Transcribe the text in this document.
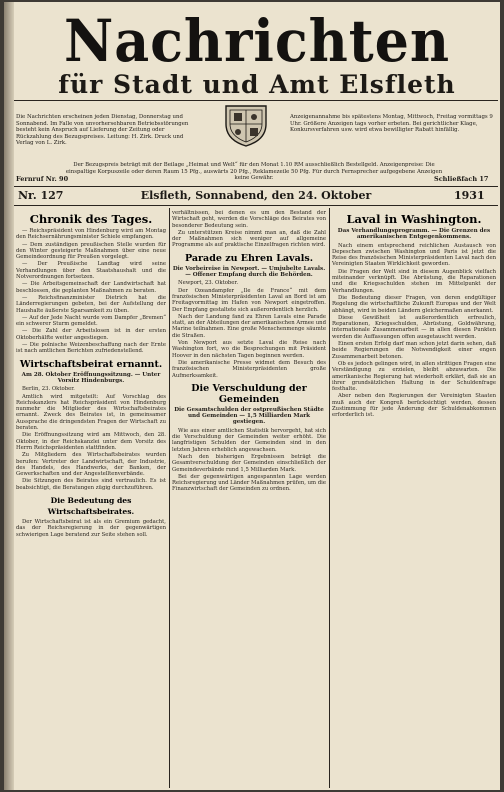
Nachrichten
für Stadt und Amt Elsfleth
Die Nachrichten erscheinen jeden Dienstag, Donnerstag und Sonnabend. Im Falle von unvorhersehbaren Betriebsstörungen besteht kein Anspruch auf Lieferung der Zeitung oder Rückzahlung des Bezugspreises. Leitung: H. Zirk. Druck und Verlag von L. Zirk.
Anzeigenannahme bis spätestens Montag, Mittwoch, Freitag vormittags 9 Uhr. Größere Anzeigen tags vorher erbeten. Bei gerichtlicher Klage, Konkursverfahren usw. wird etwa bewilligter Rabatt hinfällig.
Der Bezugspreis beträgt mit der Beilage „Heimat und Welt“ für den Monat 1.10 RM ausschließlich Bestellgeld. Anzeigenpreise: Die einspaltige Korpuszeile oder deren Raum 15 Pfg., auswärts 20 Pfg., Reklamezeile 50 Pfg. Für durch Fernsprecher aufgegebene Anzeigen keine Gewähr.
Fernruf Nr. 90	Schließfach 17
Nr. 127	Elsfleth, Sonnabend, den 24. Oktober	1931
Chronik des Tages.

— Reichspräsident von Hindenburg wird am Montag den Reichsernährungsminister Schiele empfangen.

— Dem zuständigen preußischen Stelle wurden für den Winter gesteigerte Maßnahmen über eine neue Gemeindeordnung für Preußen vorgelegt.

— Der Preußische Landtag wird seine Verhandlungen über den Staatshaushalt und die Notverordnungen fortsetzen.

— Die Arbeitsgemeinschaft der Landwirtschaft hat beschlossen, die geplanten Maßnahmen zu beraten.

— Reichsfinanzminister Dietrich hat die Länderregierungen gebeten, bei der Aufstellung der Haushalte äußerste Sparsamkeit zu üben.

— Auf der Jede Nacht wurde vom Dampfer „Bremen“ ein schwerer Sturm gemeldet.

— Die Zahl der Arbeitslosen ist in der ersten Oktoberhälfte weiter angestiegen.

— Die polnische Weizenbeschaffung nach der Ernte ist nach amtlichen Berichten zufriedenstellend.

Wirtschaftsbeirat ernannt.

Am 28. Oktober Eröffnungssitzung. — Unter Vorsitz Hindenburgs.

Berlin, 23. Oktober.

Amtlich wird mitgeteilt: Auf Vorschlag des Reichskanzlers hat Reichspräsident von Hindenburg nunmehr die Mitglieder des Wirtschaftsbeirates ernannt. Zweck des Beirates ist, in gemeinsamer Aussprache die dringendsten Fragen der Wirtschaft zu beraten.

Die Eröffnungssitzung wird am Mittwoch, den 28. Oktober, in der Reichskanzlei unter dem Vorsitz des Herrn Reichspräsidenten stattfinden.

Zu Mitgliedern des Wirtschaftsbeirates wurden berufen: Vertreter der Landwirtschaft, der Industrie, des Handels, des Handwerks, der Banken, der Gewerkschaften und der Angestelltenverbände.

Die Sitzungen des Beirates sind vertraulich. Es ist beabsichtigt, die Beratungen zügig durchzuführen.

Die Bedeutung des Wirtschaftsbeirates.

Der Wirtschaftsbeirat ist als ein Gremium gedacht, das der Reichsregierung in der gegenwärtigen schwierigen Lage beratend zur Seite stehen soll.

verhältnissen, bei denen es um den Bestand der Wirtschaft geht, werden die Vorschläge des Beirates von besonderer Bedeutung sein.

Zu unterstützen Kreise nimmt man an, daß die Zahl der Maßnahmen sich weniger auf allgemeine Programme als auf praktische Einzelfragen richten wird.

Parade zu Ehren Lavals.

Die Vorbeireise in Newport. — Umjubelte Lavals. — Offener Empfang durch die Behörden.

Newport, 23. Oktober.

Der Ozeandampfer „Ile de France“ mit dem französischen Ministerpräsidenten Laval an Bord ist am Freitagvormittag im Hafen von Newport eingetroffen. Der Empfang gestaltete sich außerordentlich herzlich.

Nach der Landung fand zu Ehren Lavals eine Parade statt, an der Abteilungen der amerikanischen Armee und Marine teilnahmen. Eine große Menschenmenge säumte die Straßen.

Von Newport aus setzte Laval die Reise nach Washington fort, wo die Besprechungen mit Präsident Hoover in den nächsten Tagen beginnen werden.

Die amerikanische Presse widmet dem Besuch des französischen Ministerpräsidenten große Aufmerksamkeit.

Die Verschuldung der Gemeinden

Die Gesamtschulden der ostpreußischen Städte und Gemeinden — 1,5 Milliarden Mark gestiegen.

Wie aus einer amtlichen Statistik hervorgeht, hat sich die Verschuldung der Gemeinden weiter erhöht. Die langfristigen Schulden der Gemeinden sind in den letzten Jahren erheblich angewachsen.

Nach den bisherigen Ergebnissen beträgt die Gesamtverschuldung der Gemeinden einschließlich der Gemeindeverbände rund 1,5 Milliarden Mark.

Bei der gegenwärtigen angespannten Lage werden Reichsregierung und Länder Maßnahmen prüfen, um die Finanzwirtschaft der Gemeinden zu ordnen.

Laval in Washington.

Das Verhandlungsprogramm. — Die Grenzen des amerikanischen Entgegenkommens.

Nach einem entsprechend reichlichen Austausch von Depeschen zwischen Washington und Paris ist jetzt die Reise des französischen Ministerpräsidenten Laval nach den Vereinigten Staaten Wirklichkeit geworden.

Die Fragen der Welt sind in diesem Augenblick vielfach miteinander verknüpft. Die Abrüstung, die Reparationen und die Kriegsschulden stehen im Mittelpunkt der Verhandlungen.

Die Bedeutung dieser Fragen, von deren endgültiger Regelung die wirtschaftliche Zukunft Europas und der Welt abhängt, wird in beiden Ländern gleichermaßen anerkannt.

Diese Gewißheit ist außerordentlich erfreulich, Reparationen, Kriegsschulden, Abrüstung, Goldwährung, internationale Zusammenarbeit — in allen diesen Punkten werden die Auffassungen offen ausgetauscht werden.

Einen ersten Erfolg darf man schon jetzt darin sehen, daß beide Regierungen die Notwendigkeit einer engen Zusammenarbeit betonen.

Ob es jedoch gelingen wird, in allen strittigen Fragen eine Verständigung zu erzielen, bleibt abzuwarten. Die amerikanische Regierung hat wiederholt erklärt, daß sie an ihrer grundsätzlichen Haltung in der Schuldenfrage festhalte.

Aber neben den Regierungen der Vereinigten Staaten muß auch der Kongreß berücksichtigt werden, dessen Zustimmung für jede Änderung der Schuldenabkommen erforderlich ist.
